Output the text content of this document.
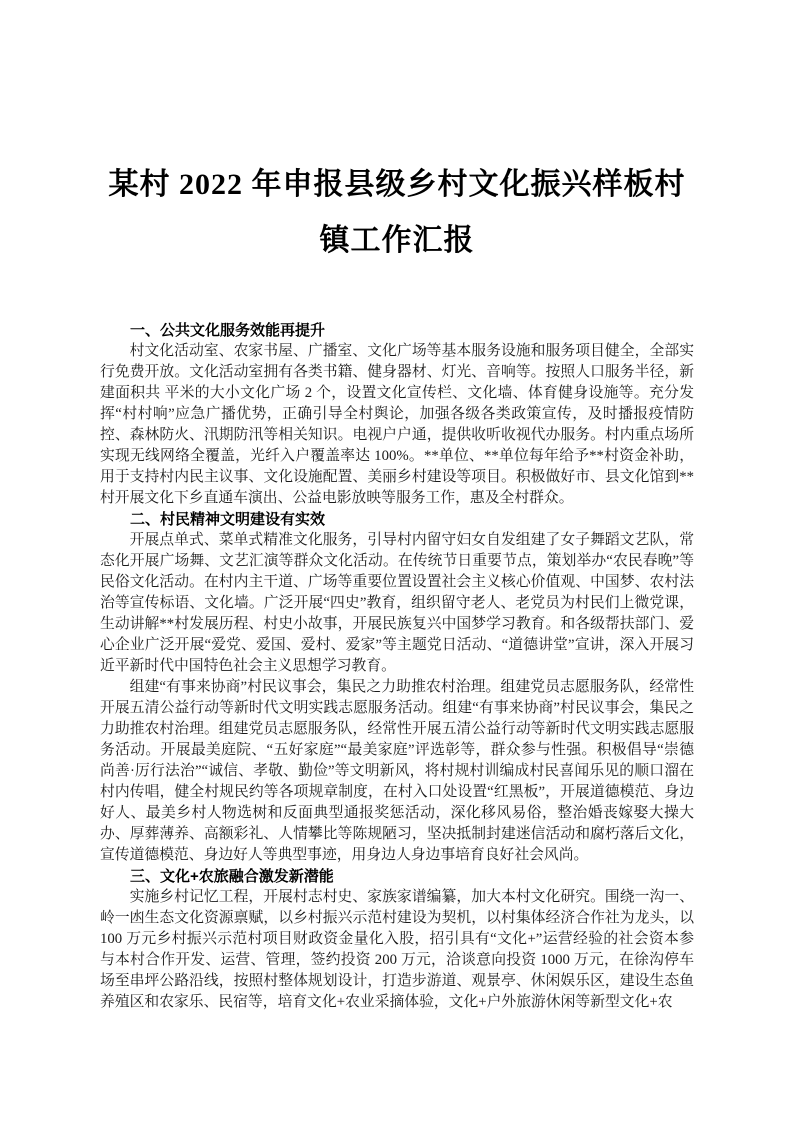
某村 2022 年申报县级乡村文化振兴样板村
镇工作汇报
一、公共文化服务效能再提升

村文化活动室、农家书屋、广播室、文化广场等基本服务设施和服务项目健全，全部实行免费开放。文化活动室拥有各类书籍、健身器材、灯光、音响等。按照人口服务半径，新建面积共 平米的大小文化广场 2 个，设置文化宣传栏、文化墙、体育健身设施等。充分发挥“村村响”应急广播优势，正确引导全村舆论，加强各级各类政策宣传，及时播报疫情防控、森林防火、汛期防汛等相关知识。电视户户通，提供收听收视代办服务。村内重点场所实现无线网络全覆盖，光纤入户覆盖率达 100%。**单位、**单位每年给予**村资金补助，用于支持村内民主议事、文化设施配置、美丽乡村建设等项目。积极做好市、县文化馆到**村开展文化下乡直通车演出、公益电影放映等服务工作，惠及全村群众。

二、村民精神文明建设有实效

开展点单式、菜单式精准文化服务，引导村内留守妇女自发组建了女子舞蹈文艺队，常态化开展广场舞、文艺汇演等群众文化活动。在传统节日重要节点，策划举办“农民春晚”等民俗文化活动。在村内主干道、广场等重要位置设置社会主义核心价值观、中国梦、农村法治等宣传标语、文化墙。广泛开展“四史”教育，组织留守老人、老党员为村民们上微党课，生动讲解**村发展历程、村史小故事，开展民族复兴中国梦学习教育。和各级帮扶部门、爱心企业广泛开展“爱党、爱国、爱村、爱家”等主题党日活动、“道德讲堂”宣讲，深入开展习近平新时代中国特色社会主义思想学习教育。

组建“有事来协商”村民议事会，集民之力助推农村治理。组建党员志愿服务队，经常性开展五清公益行动等新时代文明实践志愿服务活动。组建“有事来协商”村民议事会，集民之力助推农村治理。组建党员志愿服务队，经常性开展五清公益行动等新时代文明实践志愿服务活动。开展最美庭院、“五好家庭”“最美家庭”评选彰等，群众参与性强。积极倡导“崇德尚善·厉行法治”“诚信、孝敬、勤俭”等文明新风，将村规村训编成村民喜闻乐见的顺口溜在村内传唱，健全村规民约等各项规章制度，在村入口处设置“红黑板”，开展道德模范、身边好人、最美乡村人物选树和反面典型通报奖惩活动，深化移风易俗，整治婚丧嫁娶大操大办、厚葬薄养、高额彩礼、人情攀比等陈规陋习，坚决抵制封建迷信活动和腐朽落后文化，宣传道德模范、身边好人等典型事迹，用身边人身边事培育良好社会风尚。

三、文化+农旅融合激发新潜能

实施乡村记忆工程，开展村志村史、家族家谱编纂，加大本村文化研究。围绕一沟一、岭一凼生态文化资源禀赋，以乡村振兴示范村建设为契机，以村集体经济合作社为龙头，以 100 万元乡村振兴示范村项目财政资金量化入股，招引具有“文化+”运营经验的社会资本参与本村合作开发、运营、管理，签约投资 200 万元，洽谈意向投资 1000 万元，在徐沟停车场至串坪公路沿线，按照村整体规划设计，打造步游道、观景亭、休闲娱乐区，建设生态鱼养殖区和农家乐、民宿等，培育文化+农业采摘体验，文化+户外旅游休闲等新型文化+农
